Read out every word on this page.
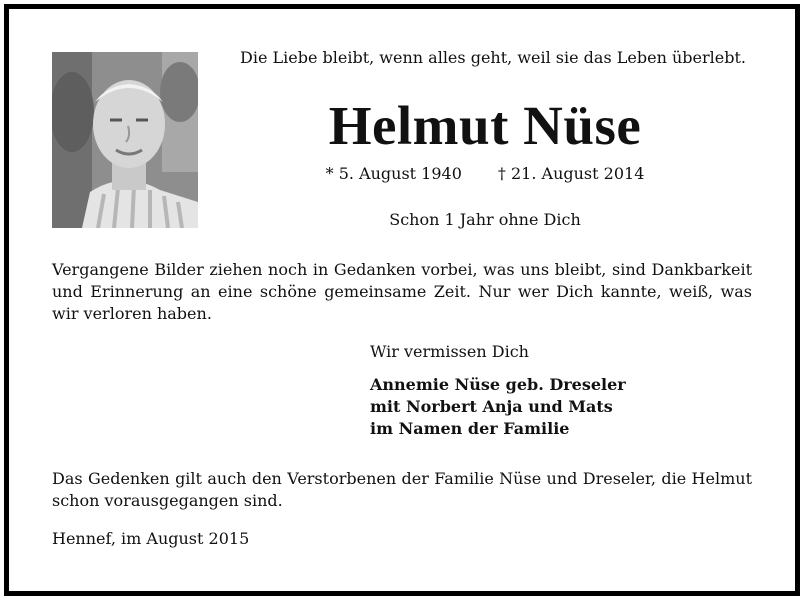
Die Liebe bleibt, wenn alles geht, weil sie das Leben überlebt.
Helmut Nüse
* 5. August 1940 † 21. August 2014
Schon 1 Jahr ohne Dich
Vergangene Bilder ziehen noch in Gedanken vorbei, was uns bleibt, sind Dankbarkeit und Erinnerung an eine schöne gemeinsame Zeit. Nur wer Dich kannte, weiß, was wir verloren haben.
Wir vermissen Dich
Annemie Nüse geb. Dreseler
mit Norbert Anja und Mats
im Namen der Familie
Das Gedenken gilt auch den Verstorbenen der Familie Nüse und Dreseler, die Helmut schon vorausgegangen sind.
Hennef, im August 2015
